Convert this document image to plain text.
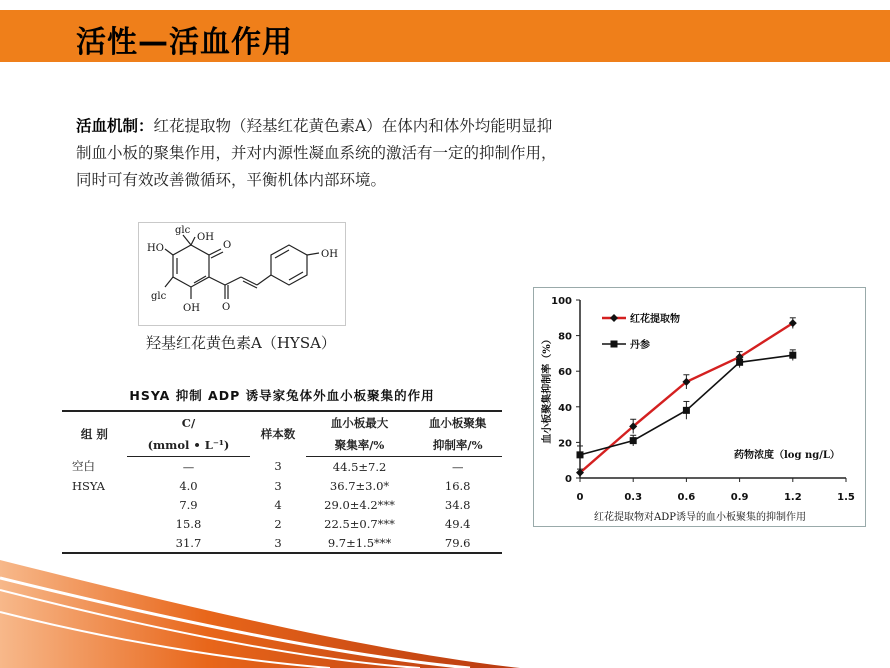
活性—活血作用
活血机制：红花提取物（羟基红花黄色素A）在体内和体外均能明显抑
制血小板的聚集作用，并对内源性凝血系统的激活有一定的抑制作用，
同时可有效改善微循环，平衡机体内部环境。
glc
OH
HO
glc
OH
OH
O
O
羟基红花黄色素A（HYSA）
HSYA 抑制 ADP 诱导家兔体外血小板聚集的作用
组 别	C/	样本数	血小板最大	血小板聚集
	(mmol • L⁻¹)		聚集率/%	抑制率/%
空白	—	3	44.5±7.2	—
HSYA	4.0	3	36.7±3.0*	16.8
	7.9	4	29.0±4.2***	34.8
	15.8	2	22.5±0.7***	49.4
	31.7	3	9.7±1.5***	79.6
0
20
40
60
80
100
0	0.3	0.6	0.9	1.2	1.5
血小板聚集抑制率（%）
药物浓度（log ng/L）
红花提取物对ADP诱导的血小板聚集的抑制作用
红花提取物
丹参
